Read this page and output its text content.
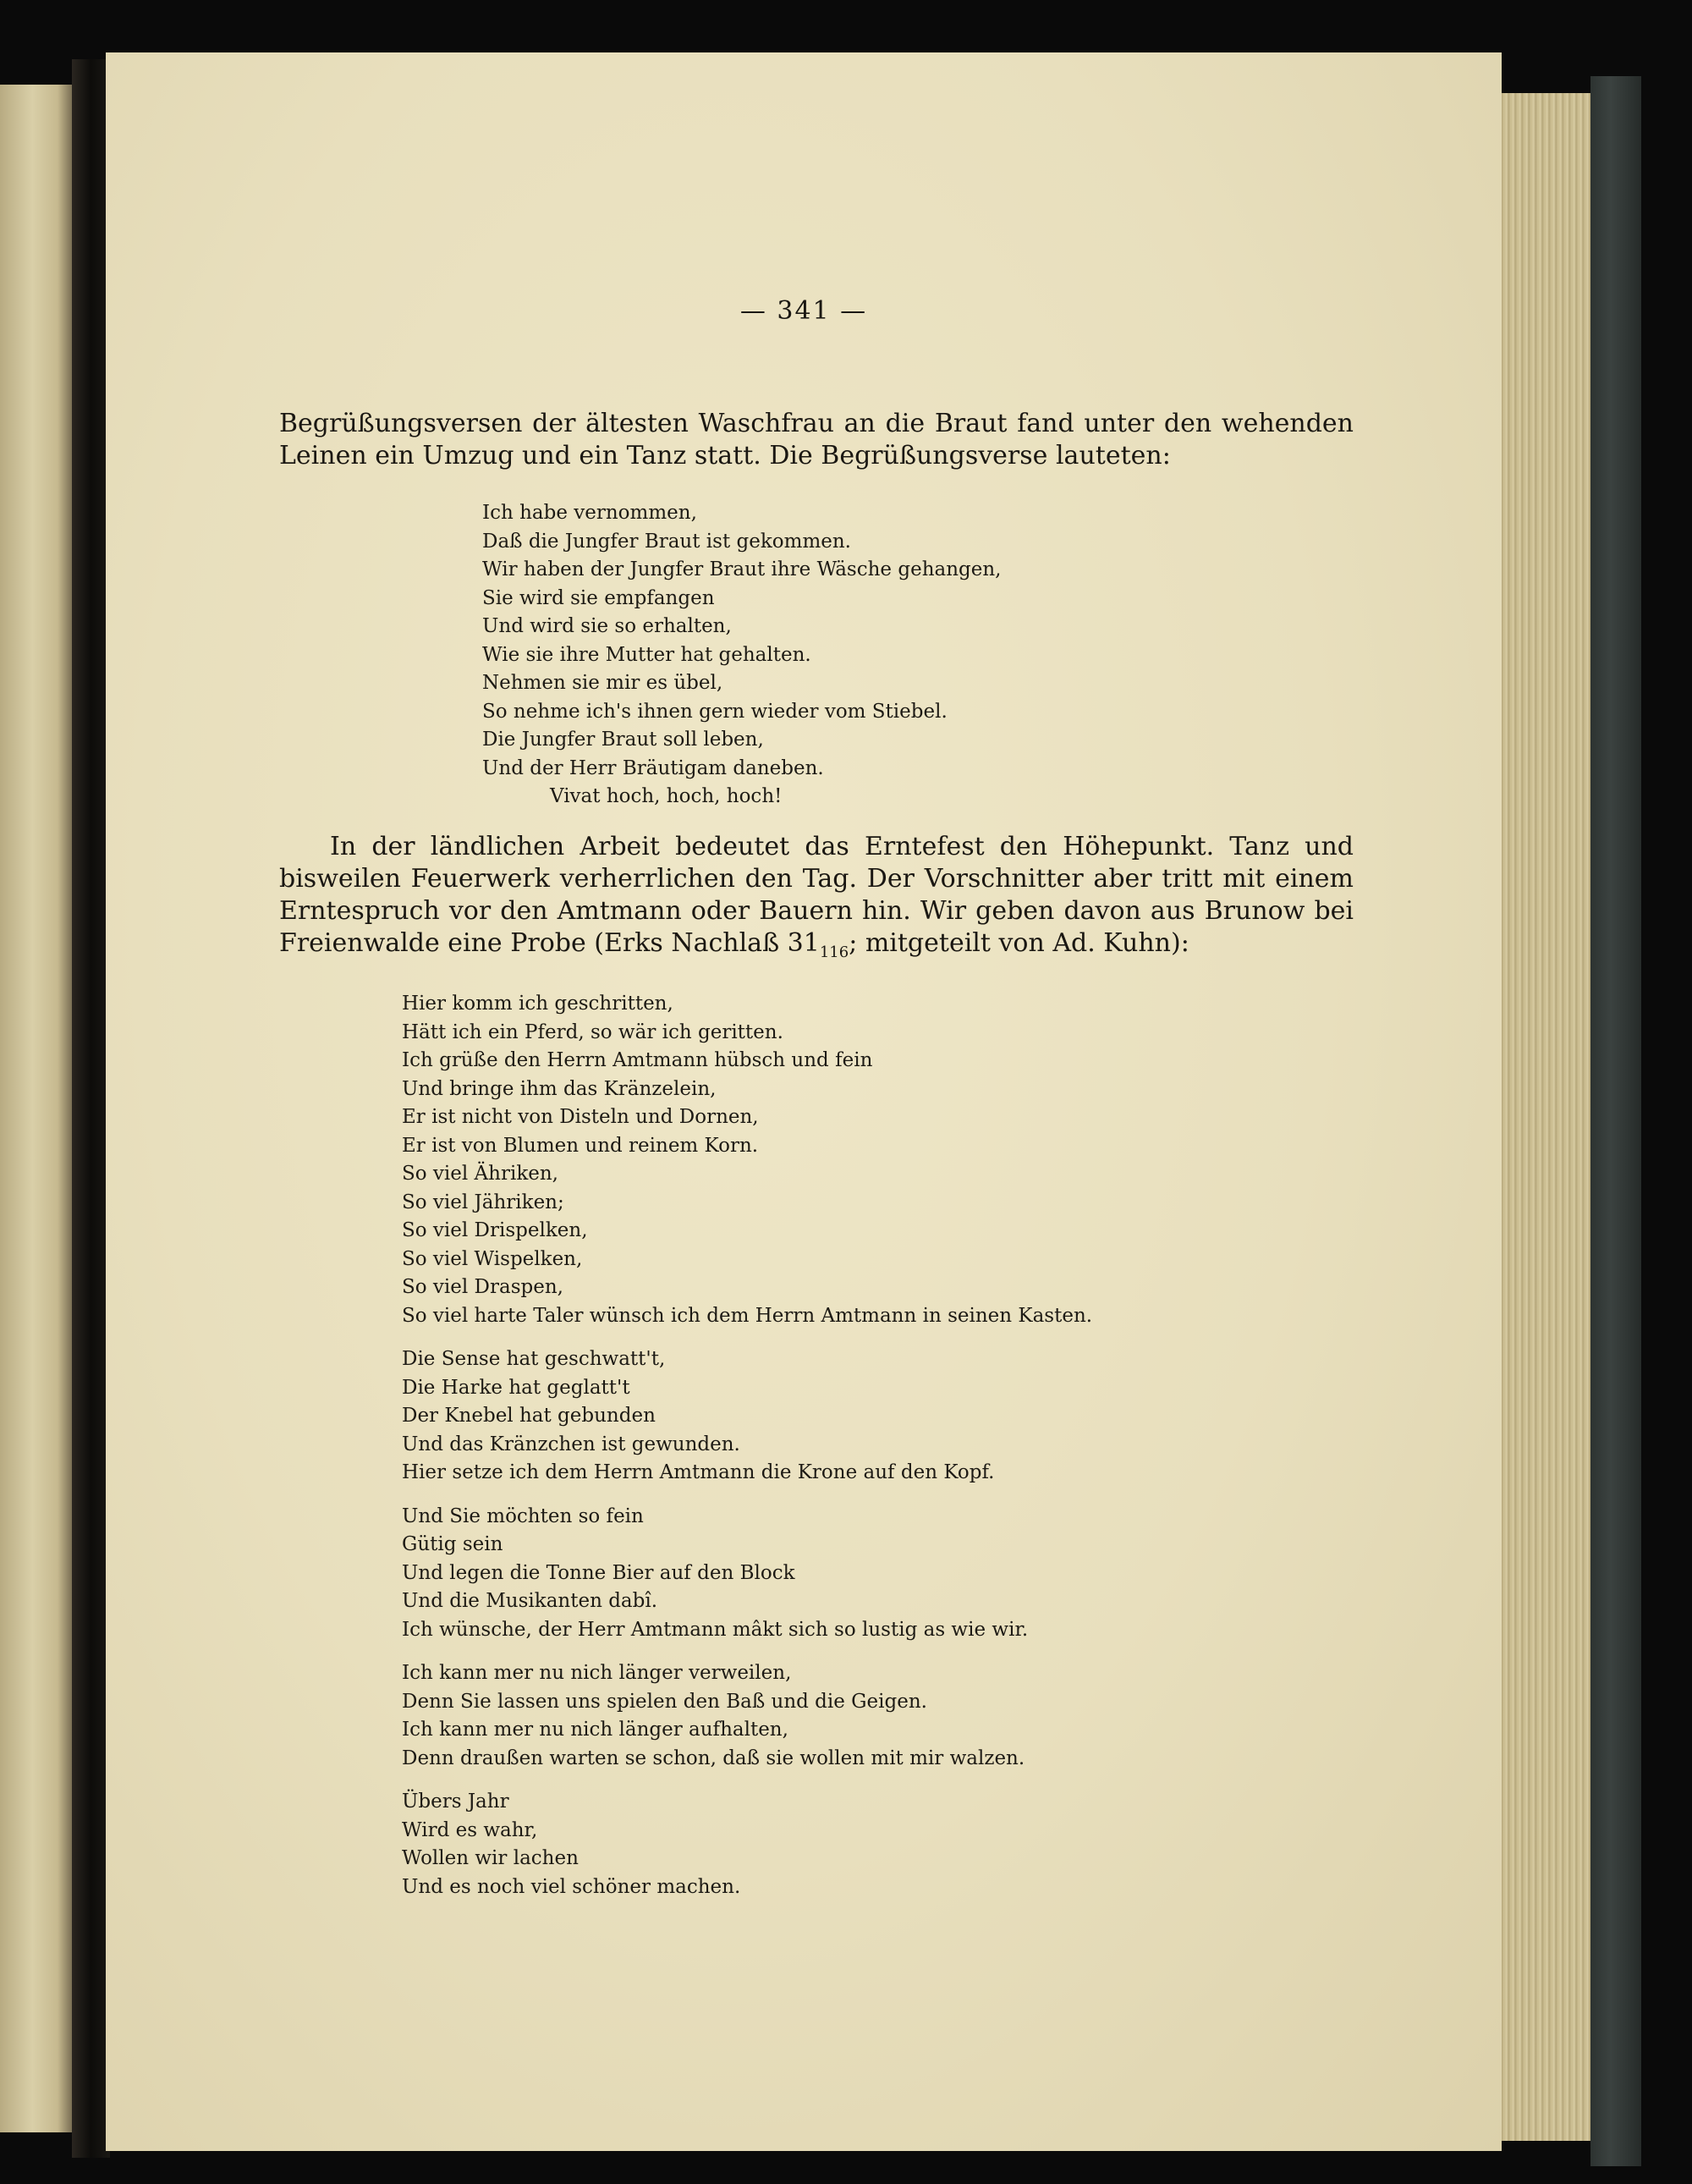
— 341 —

Begrüßungsversen der ältesten Waschfrau an die Braut fand unter den wehenden Leinen ein Umzug und ein Tanz statt. Die Begrüßungsverse lauteten:

Ich habe vernommen,
Daß die Jungfer Braut ist gekommen.
Wir haben der Jungfer Braut ihre Wäsche gehangen,
Sie wird sie empfangen
Und wird sie so erhalten,
Wie sie ihre Mutter hat gehalten.
Nehmen sie mir es übel,
So nehme ich's ihnen gern wieder vom Stiebel.
Die Jungfer Braut soll leben,
Und der Herr Bräutigam daneben.
Vivat hoch, hoch, hoch!

In der ländlichen Arbeit bedeutet das Erntefest den Höhepunkt. Tanz und bisweilen Feuerwerk verherrlichen den Tag. Der Vorschnitter aber tritt mit einem Erntespruch vor den Amtmann oder Bauern hin. Wir geben davon aus Brunow bei Freienwalde eine Probe (Erks Nachlaß $31_{116}$; mitgeteilt von Ad. Kuhn):

Hier komm ich geschritten,
Hätt ich ein Pferd, so wär ich geritten.
Ich grüße den Herrn Amtmann hübsch und fein
Und bringe ihm das Kränzelein,
Er ist nicht von Disteln und Dornen,
Er ist von Blumen und reinem Korn.
So viel Ähriken,
So viel Jähriken;
So viel Drispelken,
So viel Wispelken,
So viel Draspen,
So viel harte Taler wünsch ich dem Herrn Amtmann in seinen Kasten.
Die Sense hat geschwatt't,
Die Harke hat geglatt't
Der Knebel hat gebunden
Und das Kränzchen ist gewunden.
Hier setze ich dem Herrn Amtmann die Krone auf den Kopf.
Und Sie möchten so fein
Gütig sein
Und legen die Tonne Bier auf den Block
Und die Musikanten dabî.
Ich wünsche, der Herr Amtmann mâkt sich so lustig as wie wir.
Ich kann mer nu nich länger verweilen,
Denn Sie lassen uns spielen den Baß und die Geigen.
Ich kann mer nu nich länger aufhalten,
Denn draußen warten se schon, daß sie wollen mit mir walzen.
Übers Jahr
Wird es wahr,
Wollen wir lachen
Und es noch viel schöner machen.
